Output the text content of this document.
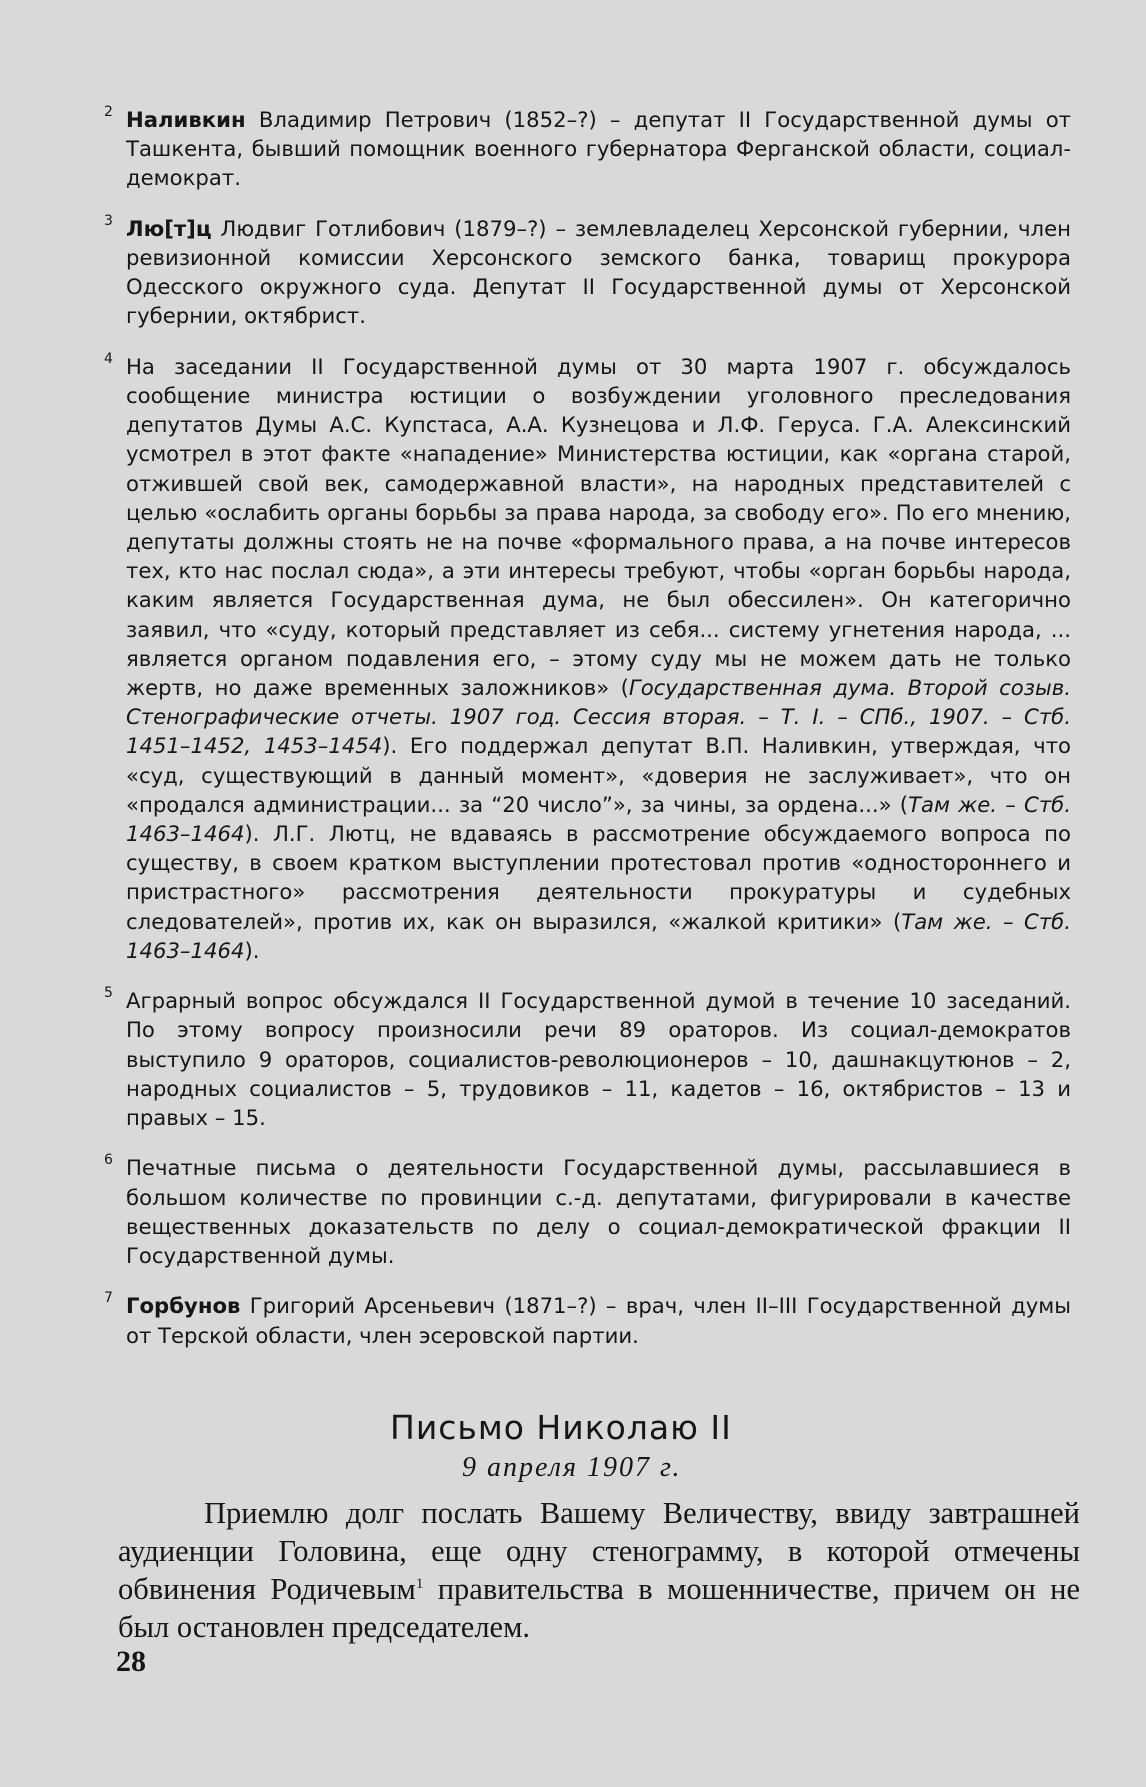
2 Наливкин Владимир Петрович (1852–?) – депутат II Государственной думы от Ташкента, бывший помощник военного губернатора Ферганской области, социал-демократ.

3 Лю[т]ц Людвиг Готлибович (1879–?) – землевладелец Херсонской губернии, член ревизионной комиссии Херсонского земского банка, товарищ прокурора Одесского окружного суда. Депутат II Государственной думы от Херсонской губернии, октябрист.

4 На заседании II Государственной думы от 30 марта 1907 г. обсуждалось сообщение министра юстиции о возбуждении уголовного преследования депутатов Думы А.С. Купстаса, А.А. Кузнецова и Л.Ф. Геруса. Г.А. Алексинский усмотрел в этот факте «нападение» Министерства юстиции, как «органа старой, отжившей свой век, самодержавной власти», на народных представителей с целью «ослабить органы борьбы за права народа, за свободу его». По его мнению, депутаты должны стоять не на почве «формального права, а на почве интересов тех, кто нас послал сюда», а эти интересы требуют, чтобы «орган борьбы народа, каким является Государственная дума, не был обессилен». Он категорично заявил, что «суду, который представляет из себя... систему угнетения народа, ... является органом подавления его, – этому суду мы не можем дать не только жертв, но даже временных заложников» (Государственная дума. Второй созыв. Стенографические отчеты. 1907 год. Сессия вторая. – Т. I. – СПб., 1907. – Стб. 1451–1452, 1453–1454). Его поддержал депутат В.П. Наливкин, утверждая, что «суд, существующий в данный момент», «доверия не заслуживает», что он «продался администрации... за “20 число”», за чины, за ордена...» (Там же. – Стб. 1463–1464). Л.Г. Лютц, не вдаваясь в рассмотрение обсуждаемого вопроса по существу, в своем кратком выступлении протестовал против «одностороннего и пристрастного» рассмотрения деятельности прокуратуры и судебных следователей», против их, как он выразился, «жалкой критики» (Там же. – Стб. 1463–1464).

5 Аграрный вопрос обсуждался II Государственной думой в течение 10 заседаний. По этому вопросу произносили речи 89 ораторов. Из социал-демократов выступило 9 ораторов, социалистов-революционеров – 10, дашнакцутюнов – 2, народных социалистов – 5, трудовиков – 11, кадетов – 16, октябристов – 13 и правых – 15.

6 Печатные письма о деятельности Государственной думы, рассылавшиеся в большом количестве по провинции с.-д. депутатами, фигурировали в качестве вещественных доказательств по делу о социал-демократической фракции II Государственной думы.

7 Горбунов Григорий Арсеньевич (1871–?) – врач, член II–III Государственной думы от Терской области, член эсеровской партии.

Письмо Николаю II
9 апреля 1907 г.

Приемлю долг послать Вашему Величеству, ввиду завтрашней аудиенции Головина, еще одну стенограмму, в которой отмечены обвинения Родичевым$^1$ правительства в мошенничестве, причем он не был остановлен председателем.

28
